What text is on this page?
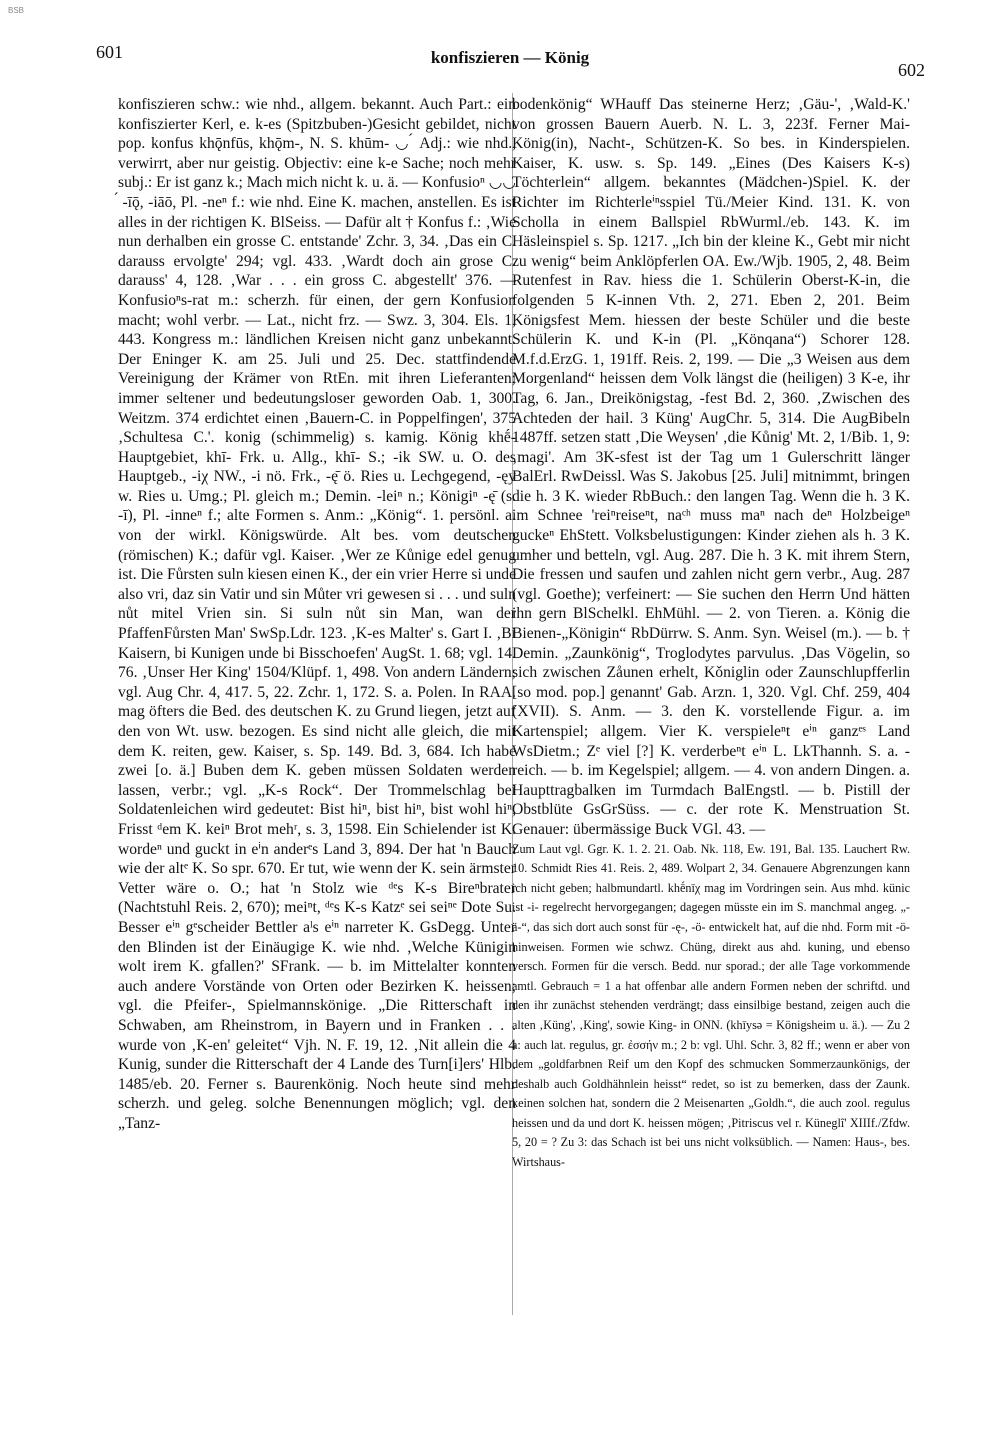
BSB
601	konfiszieren — König
602

konfiszieren schw.: wie nhd., allgem. bekannt. Auch Part.: ein konfiszierter Kerl, e. k-es (Spitzbuben-)Gesicht gebildet, nicht pop. konfus khǭnfūs, khǭm-, N. S. khūm- ◡ ́ Adj.: wie nhd., verwirrt, aber nur geistig. Objectiv: eine k-e Sache; noch mehr subj.: Er ist ganz k.; Mach mich nicht k. u. ä. — Konfusioⁿ ◡◡ ́ -īǭ, -iāō, Pl. -neⁿ f.: wie nhd. Eine K. machen, anstellen. Es ist alles in der richtigen K. BlSeiss. — Dafür alt † Konfus f.: ‚Wie nun derhalben ein grosse C. entstande' Zchr. 3, 34. ‚Das ein C. darauss ervolgte' 294; vgl. 433. ‚Wardt doch ain grose C. darauss' 4, 128. ‚War . . . ein gross C. abgestellt' 376. — Konfusioⁿs-rat m.: scherzh. für einen, der gern Konfusion macht; wohl verbr. — Lat., nicht frz. — Swz. 3, 304. Els. 1, 443. Kongress m.: ländlichen Kreisen nicht ganz unbekannt. Der Eninger K. am 25. Juli und 25. Dec. stattfindende Vereinigung der Krämer von RtEn. mit ihren Lieferanten; immer seltener und bedeutungsloser geworden Oab. 1, 300. Weitzm. 374 erdichtet einen ‚Bauern-C. in Poppelfingen', 375 ‚Schultesa C.'. konig (schimmelig) s. kamig. König khḗ- Hauptgebiet, khī- Frk. u. Allg., khī- S.; -ik SW. u. O. des Hauptgeb., -iχ NW., -i nö. Frk., -ę̄ ö. Ries u. Lechgegend, -ęy w. Ries u. Umg.; Pl. gleich m.; Demin. -leiⁿ n.; Königiⁿ -ę̄ (s. -ī), Pl. -inneⁿ f.; alte Formen s. Anm.: „König“. 1. persönl. a. von der wirkl. Königswürde. Alt bes. vom deutschen (römischen) K.; dafür vgl. Kaiser. ‚Wer ze Kůnige edel genug ist. Die Fůrsten suln kiesen einen K., der ein vrier Herre si unde also vri, daz sin Vatir und sin Můter vri gewesen si . . . und suln nůt mitel Vrien sin. Si suln nůt sin Man, wan der PfaffenFůrsten Man' SwSp.Ldr. 123. ‚K-es Malter' s. Gart I. ‚Bi Kaisern, bi Kunigen unde bi Bisschoefen' AugSt. 1. 68; vgl. 14. 76. ‚Unser Her King' 1504/Klüpf. 1, 498. Von andern Ländern; vgl. Aug Chr. 4, 417. 5, 22. Zchr. 1, 172. S. a. Polen. In RAA. mag öfters die Bed. des deutschen K. zu Grund liegen, jetzt auf den von Wt. usw. bezogen. Es sind nicht alle gleich, die mit dem K. reiten, gew. Kaiser, s. Sp. 149. Bd. 3, 684. Ich habe zwei [o. ä.] Buben dem K. geben müssen Soldaten werden lassen, verbr.; vgl. „K-s Rock“. Der Trommelschlag bei Soldatenleichen wird gedeutet: Bist hiⁿ, bist hiⁿ, bist wohl hiⁿ, Frisst ᵈem K. keiⁿ Brot mehʳ, s. 3, 1598. Ein Schielender ist K. wordeⁿ und guckt in eⁱn anderᵉs Land 3, 894. Der hat 'n Bauch wie der altᵉ K. So spr. 670. Er tut, wie wenn der K. sein ärmster Vetter wäre o. O.; hat 'n Stolz wie ᵈᵉs K-s Bireⁿbrater (Nachtstuhl Reis. 2, 670); meiⁿt, ᵈᵉs K-s Katzᵉ sei seiⁿᵉ Dote Su. Besser eⁱⁿ gᵉscheider Bettler aˡs eⁱⁿ narreter K. GsDegg. Unter den Blinden ist der Einäugige K. wie nhd. ‚Welche Künigin wolt irem K. gfallen?' SFrank. — b. im Mittelalter konnten auch andere Vorstände von Orten oder Bezirken K. heissen; vgl. die Pfeifer-, Spielmannskönige. „Die Ritterschaft in Schwaben, am Rheinstrom, in Bayern und in Franken . . . wurde von ‚K-en' geleitet“ Vjh. N. F. 19, 12. ‚Nit allein die 4 Kunig, sunder die Ritterschaft der 4 Lande des Turn[i]ers' Hlb. 1485/eb. 20. Ferner s. Baurenkönig. Noch heute sind mehr scherzh. und geleg. solche Benennungen möglich; vgl. den „Tanz-

bodenkönig“ WHauff Das steinerne Herz; ‚Gäu-', ‚Wald-K.' von grossen Bauern Auerb. N. L. 3, 223f. Ferner Mai-König(in), Nacht-, Schützen-K. So bes. in Kinderspielen. Kaiser, K. usw. s. Sp. 149. „Eines (Des Kaisers K-s) Töchterlein“ allgem. bekanntes (Mädchen-)Spiel. K. der Richter im Richterleⁱⁿsspiel Tü./Meier Kind. 131. K. von Scholla in einem Ballspiel RbWurml./eb. 143. K. im Häsleinspiel s. Sp. 1217. „Ich bin der kleine K., Gebt mir nicht zu wenig“ beim Anklöpferlen OA. Ew./Wjb. 1905, 2, 48. Beim Rutenfest in Rav. hiess die 1. Schülerin Oberst-K-in, die folgenden 5 K-innen Vth. 2, 271. Eben 2, 201. Beim Königsfest Mem. hiessen der beste Schüler und die beste Schülerin K. und K-in (Pl. „Könqana“) Schorer 128. M.f.d.ErzG. 1, 191ff. Reis. 2, 199. — Die „3 Weisen aus dem Morgenland“ heissen dem Volk längst die (heiligen) 3 K-e, ihr Tag, 6. Jan., Dreikönigstag, -fest Bd. 2, 360. ‚Zwischen des Achteden der hail. 3 Küng' AugChr. 5, 314. Die AugBibeln 1487ff. setzen statt ‚Die Weysen' ‚die Kůnig' Mt. 2, 1/Bib. 1, 9: ‚magi'. Am 3K-sfest ist der Tag um 1 Gulerschritt länger BalErl. RwDeissl. Was S. Jakobus [25. Juli] mitnimmt, bringen die h. 3 K. wieder RbBuch.: den langen Tag. Wenn die h. 3 K. im Schnee 'reiⁿreiseⁿt, naᶜʰ muss maⁿ nach deⁿ Holzbeigeⁿ guckeⁿ EhStett. Volksbelustigungen: Kinder ziehen als h. 3 K. umher und betteln, vgl. Aug. 287. Die h. 3 K. mit ihrem Stern, Die fressen und saufen und zahlen nicht gern verbr., Aug. 287 (vgl. Goethe); verfeinert: — Sie suchen den Herrn Und hätten ihn gern BlSchelkl. EhMühl. — 2. von Tieren. a. König die Bienen-„Königin“ RbDürrw. S. Anm. Syn. Weisel (m.). — b. † Demin. „Zaunkönig“, Troglodytes parvulus. ‚Das Vögelin, so sich zwischen Zåunen erhelt, Kǒniglin oder Zaunschlupfferlin [so mod. pop.] genannt' Gab. Arzn. 1, 320. Vgl. Chf. 259, 404 (XVII). S. Anm. — 3. den K. vorstellende Figur. a. im Kartenspiel; allgem. Vier K. verspieleⁿt eⁱⁿ ganzᵉˢ Land WsDietm.; Zᵉ viel [?] K. verderbeⁿt eⁱⁿ L. LkThannh. S. a. -reich. — b. im Kegelspiel; allgem. — 4. von andern Dingen. a. Haupttragbalken im Turmdach BalEngstl. — b. Pistill der Obstblüte GsGrSüss. — c. der rote K. Menstruation St. Genauer: übermässige Buck VGl. 43. —

Zum Laut vgl. Ggr. K. 1. 2. 21. Oab. Nk. 118, Ew. 191, Bal. 135. Lauchert Rw. 10. Schmidt Ries 41. Reis. 2, 489. Wolpart 2, 34. Genauere Abgrenzungen kann ich nicht geben; halbmundartl. khḗnīχ mag im Vordringen sein. Aus mhd. künic ist -i- regelrecht hervorgegangen; dagegen müsste ein im S. manchmal angeg. „-ä-“, das sich dort auch sonst für -ę-, -ö- entwickelt hat, auf die nhd. Form mit -ö- hinweisen. Formen wie schwz. Chüng, direkt aus ahd. kuning, und ebenso versch. Formen für die versch. Bedd. nur sporad.; der alle Tage vorkommende amtl. Gebrauch = 1 a hat offenbar alle andern Formen neben der schriftd. und den ihr zunächst stehenden verdrängt; dass einsilbige bestand, zeigen auch die alten ‚Küng', ‚King', sowie King- in ONN. (khīysə = Königsheim u. ä.). — Zu 2 a: auch lat. regulus, gr. ἐσσήν m.; 2 b: vgl. Uhl. Schr. 3, 82 ff.; wenn er aber von dem „goldfarbnen Reif um den Kopf des schmucken Sommerzaunkönigs, der deshalb auch Goldhähnlein heisst“ redet, so ist zu bemerken, dass der Zaunk. keinen solchen hat, sondern die 2 Meisenarten „Goldh.“, die auch zool. regulus heissen und da und dort K. heissen mögen; ‚Pitriscus vel r. Küneglî' XIIIf./Zfdw. 5, 20 = ? Zu 3: das Schach ist bei uns nicht volksüblich. — Namen: Haus-, bes. Wirtshaus-
